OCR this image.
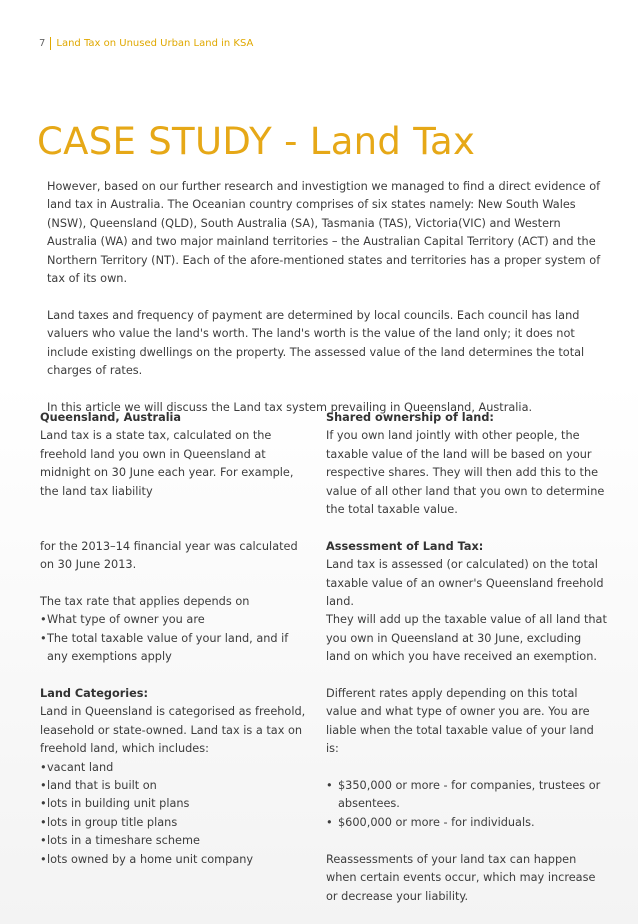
7 Land Tax on Unused Urban Land in KSA
CASE STUDY - Land Tax

However, based on our further research and investigtion we managed to find a direct evidence of land tax in Australia. The Oceanian country comprises of six states namely: New South Wales (NSW), Queensland (QLD), South Australia (SA), Tasmania (TAS), Victoria(VIC) and Western Australia (WA) and two major mainland territories – the Australian Capital Territory (ACT) and the Northern Territory (NT). Each of the afore-mentioned states and territories has a proper system of tax of its own.

Land taxes and frequency of payment are determined by local councils. Each council has land valuers who value the land's worth. The land's worth is the value of the land only; it does not include existing dwellings on the property. The assessed value of the land determines the total charges of rates.

In this article we will discuss the Land tax system prevailing in Queensland, Australia.

Queensland, Australia

Land tax is a state tax, calculated on the freehold land you own in Queensland at midnight on 30 June each year. For example, the land tax liability

for the 2013–14 financial year was calculated on 30 June 2013.

The tax rate that applies depends on

• What type of owner you are
• The total taxable value of your land, and if any exemptions apply

Land Categories:

Land in Queensland is categorised as freehold, leasehold or state-owned. Land tax is a tax on freehold land, which includes:

• vacant land
• land that is built on
• lots in building unit plans
• lots in group title plans
• lots in a timeshare scheme
• lots owned by a home unit company

Shared ownership of land:

If you own land jointly with other people, the taxable value of the land will be based on your respective shares. They will then add this to the value of all other land that you own to determine the total taxable value.

Assessment of Land Tax:

Land tax is assessed (or calculated) on the total taxable value of an owner's Queensland freehold land.

They will add up the taxable value of all land that you own in Queensland at 30 June, excluding land on which you have received an exemption.

Different rates apply depending on this total value and what type of owner you are. You are liable when the total taxable value of your land is:

• $350,000 or more - for companies, trustees or absentees.
• $600,000 or more - for individuals.

Reassessments of your land tax can happen when certain events occur, which may increase or decrease your liability.
